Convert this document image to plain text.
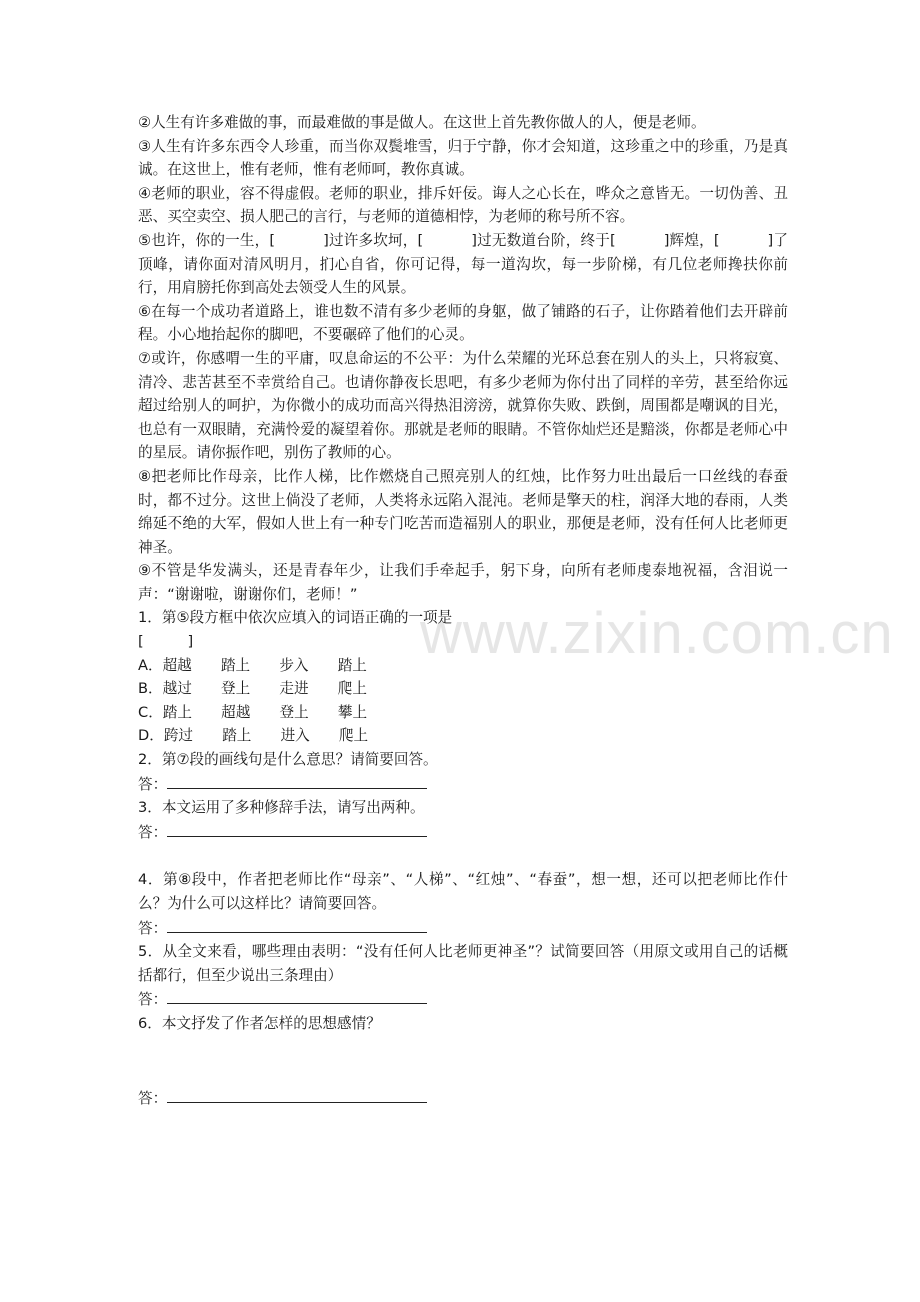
www.zixin.com.cn

②人生有许多难做的事，而最难做的事是做人。在这世上首先教你做人的人，便是老师。

③人生有许多东西令人珍重，而当你双鬓堆雪，归于宁静，你才会知道，这珍重之中的珍重，乃是真诚。在这世上，惟有老师，惟有老师呵，教你真诚。

④老师的职业，容不得虚假。老师的职业，排斥奸佞。诲人之心长在，哗众之意皆无。一切伪善、丑恶、买空卖空、损人肥己的言行，与老师的道德相悖，为老师的称号所不容。

⑤也许，你的一生，[	]过许多坎坷，[	]过无数道台阶，终于[	]辉煌，[	]了顶峰，请你面对清风明月，扪心自省，你可记得，每一道沟坎，每一步阶梯，有几位老师搀扶你前行，用肩膀托你到高处去领受人生的风景。

⑥在每一个成功者道路上，谁也数不清有多少老师的身躯，做了铺路的石子，让你踏着他们去开辟前程。小心地抬起你的脚吧，不要碾碎了他们的心灵。

⑦或许，你感喟一生的平庸，叹息命运的不公平：为什么荣耀的光环总套在别人的头上，只将寂寞、清冷、悲苦甚至不幸赏给自己。也请你静夜长思吧，有多少老师为你付出了同样的辛劳，甚至给你远超过给别人的呵护，为你微小的成功而高兴得热泪滂滂，就算你失败、跌倒，周围都是嘲讽的目光，也总有一双眼睛，充满怜爱的凝望着你。那就是老师的眼睛。不管你灿烂还是黯淡，你都是老师心中的星辰。请你振作吧，别伤了教师的心。

⑧把老师比作母亲，比作人梯，比作燃烧自己照亮别人的红烛，比作努力吐出最后一口丝线的春蚕时，都不过分。这世上倘没了老师，人类将永远陷入混沌。老师是擎天的柱，润泽大地的春雨，人类绵延不绝的大军，假如人世上有一种专门吃苦而造福别人的职业，那便是老师，没有任何人比老师更神圣。

⑨不管是华发满头，还是青春年少，让我们手牵起手，躬下身，向所有老师虔泰地祝福，含泪说一声：“谢谢啦，谢谢你们，老师！”

1．第⑤段方框中依次应填入的词语正确的一项是

[　　　]

A．超越　　踏上　　步入　　踏上

B．越过　　登上　　走进　　爬上

C．踏上　　超越　　登上　　攀上

D．跨过　　踏上　　进入　　爬上

2．第⑦段的画线句是什么意思？请简要回答。

答：

3．本文运用了多种修辞手法，请写出两种。

答：

4．第⑧段中，作者把老师比作“母亲”、“人梯”、“红烛”、“春蚕”，想一想，还可以把老师比作什么？为什么可以这样比？请简要回答。

答：

5．从全文来看，哪些理由表明：“没有任何人比老师更神圣”？试简要回答（用原文或用自己的话概括都行，但至少说出三条理由）

答：

6．本文抒发了作者怎样的思想感情？

答：
